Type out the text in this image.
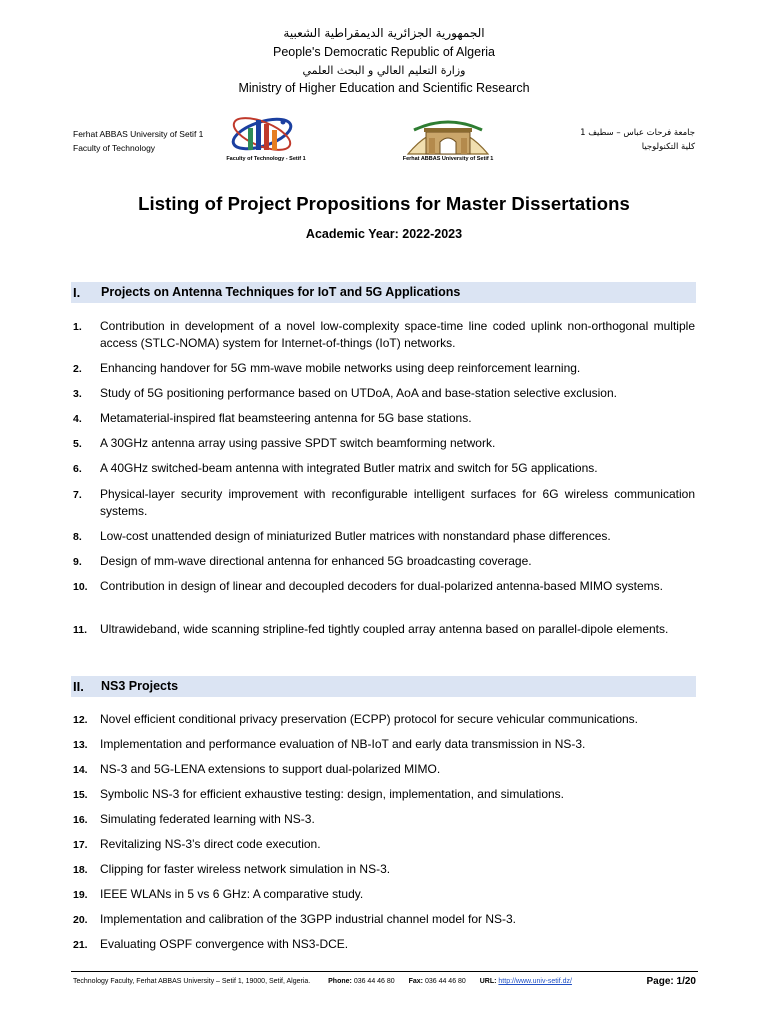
الجمهورية الجزائرية الديمقراطية الشعبية
People's Democratic Republic of Algeria
وزارة التعليم العالي و البحث العلمي
Ministry of Higher Education and Scientific Research
Ferhat ABBAS University of Setif 1
Faculty of Technology
جامعة فرحات عباس – سطيف 1
كلية التكنولوجيا
Faculty of Technology - Setif 1	Ferhat ABBAS University of Setif 1
Listing of Project Propositions for Master Dissertations
Academic Year: 2022-2023
I. Projects on Antenna Techniques for IoT and 5G Applications
1.	Contribution in development of a novel low-complexity space-time line coded uplink non-orthogonal multiple access (STLC-NOMA) system for Internet-of-things (IoT) networks.
2.	Enhancing handover for 5G mm-wave mobile networks using deep reinforcement learning.
3.	Study of 5G positioning performance based on UTDoA, AoA and base-station selective exclusion.
4.	Metamaterial-inspired flat beamsteering antenna for 5G base stations.
5.	A 30GHz antenna array using passive SPDT switch beamforming network.
6.	A 40GHz switched-beam antenna with integrated Butler matrix and switch for 5G applications.
7.	Physical-layer security improvement with reconfigurable intelligent surfaces for 6G wireless communication systems.
8.	Low-cost unattended design of miniaturized Butler matrices with nonstandard phase differences.
9.	Design of mm-wave directional antenna for enhanced 5G broadcasting coverage.
10.	Contribution in design of linear and decoupled decoders for dual-polarized antenna-based MIMO systems.
11.	Ultrawideband, wide scanning stripline-fed tightly coupled array antenna based on parallel-dipole elements.
II. NS3 Projects
12.	Novel efficient conditional privacy preservation (ECPP) protocol for secure vehicular communications.
13.	Implementation and performance evaluation of NB-IoT and early data transmission in NS-3.
14.	NS-3 and 5G-LENA extensions to support dual-polarized MIMO.
15.	Symbolic NS-3 for efficient exhaustive testing: design, implementation, and simulations.
16.	Simulating federated learning with NS-3.
17.	Revitalizing NS-3’s direct code execution.
18.	Clipping for faster wireless network simulation in NS-3.
19.	IEEE WLANs in 5 vs 6 GHz: A comparative study.
20.	Implementation and calibration of the 3GPP industrial channel model for NS-3.
21.	Evaluating OSPF convergence with NS3-DCE.
Technology Faculty, Ferhat ABBAS University – Setif 1, 19000, Setif, Algeria.	Phone: 036 44 46 80 Fax: 036 44 46 80 URL: http://www.univ-setif.dz/	Page: 1/20
